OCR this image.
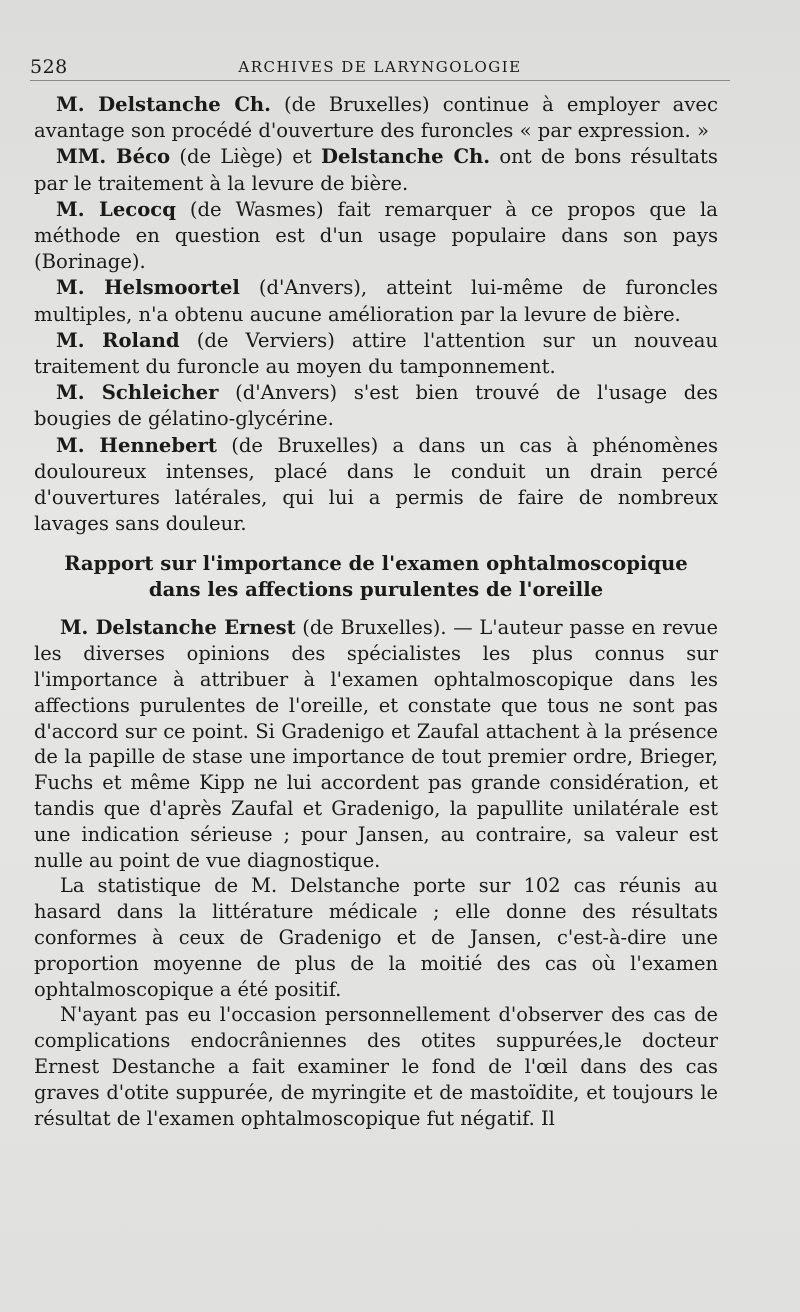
528	ARCHIVES DE LARYNGOLOGIE

M. Delstanche Ch. (de Bruxelles) continue à employer avec avantage son procédé d'ouverture des furoncles « par expression. »

MM. Béco (de Liège) et Delstanche Ch. ont de bons résultats par le traitement à la levure de bière.

M. Lecocq (de Wasmes) fait remarquer à ce propos que la méthode en question est d'un usage populaire dans son pays (Borinage).

M. Helsmoortel (d'Anvers), atteint lui-même de furoncles multiples, n'a obtenu aucune amélioration par la levure de bière.

M. Roland (de Verviers) attire l'attention sur un nouveau traitement du furoncle au moyen du tamponnement.

M. Schleicher (d'Anvers) s'est bien trouvé de l'usage des bougies de gélatino-glycérine.

M. Hennebert (de Bruxelles) a dans un cas à phénomènes douloureux intenses, placé dans le conduit un drain percé d'ouvertures latérales, qui lui a permis de faire de nombreux lavages sans douleur.

Rapport sur l'importance de l'examen ophtalmoscopique
dans les affections purulentes de l'oreille

M. Delstanche Ernest (de Bruxelles). — L'auteur passe en revue les diverses opinions des spécialistes les plus connus sur l'importance à attribuer à l'examen ophtalmoscopique dans les affections purulentes de l'oreille, et constate que tous ne sont pas d'accord sur ce point. Si Gradenigo et Zaufal attachent à la présence de la papille de stase une importance de tout premier ordre, Brieger, Fuchs et même Kipp ne lui accordent pas grande considération, et tandis que d'après Zaufal et Gradenigo, la papullite unilatérale est une indication sérieuse ; pour Jansen, au contraire, sa valeur est nulle au point de vue diagnostique.

La statistique de M. Delstanche porte sur 102 cas réunis au hasard dans la littérature médicale ; elle donne des résultats conformes à ceux de Gradenigo et de Jansen, c'est-à-dire une proportion moyenne de plus de la moitié des cas où l'examen ophtalmoscopique a été positif.

N'ayant pas eu l'occasion personnellement d'observer des cas de complications endocrâniennes des otites suppurées,le docteur Ernest Destanche a fait examiner le fond de l'œil dans des cas graves d'otite suppurée, de myringite et de mastoïdite, et toujours le résultat de l'examen ophtalmoscopique fut négatif. Il
